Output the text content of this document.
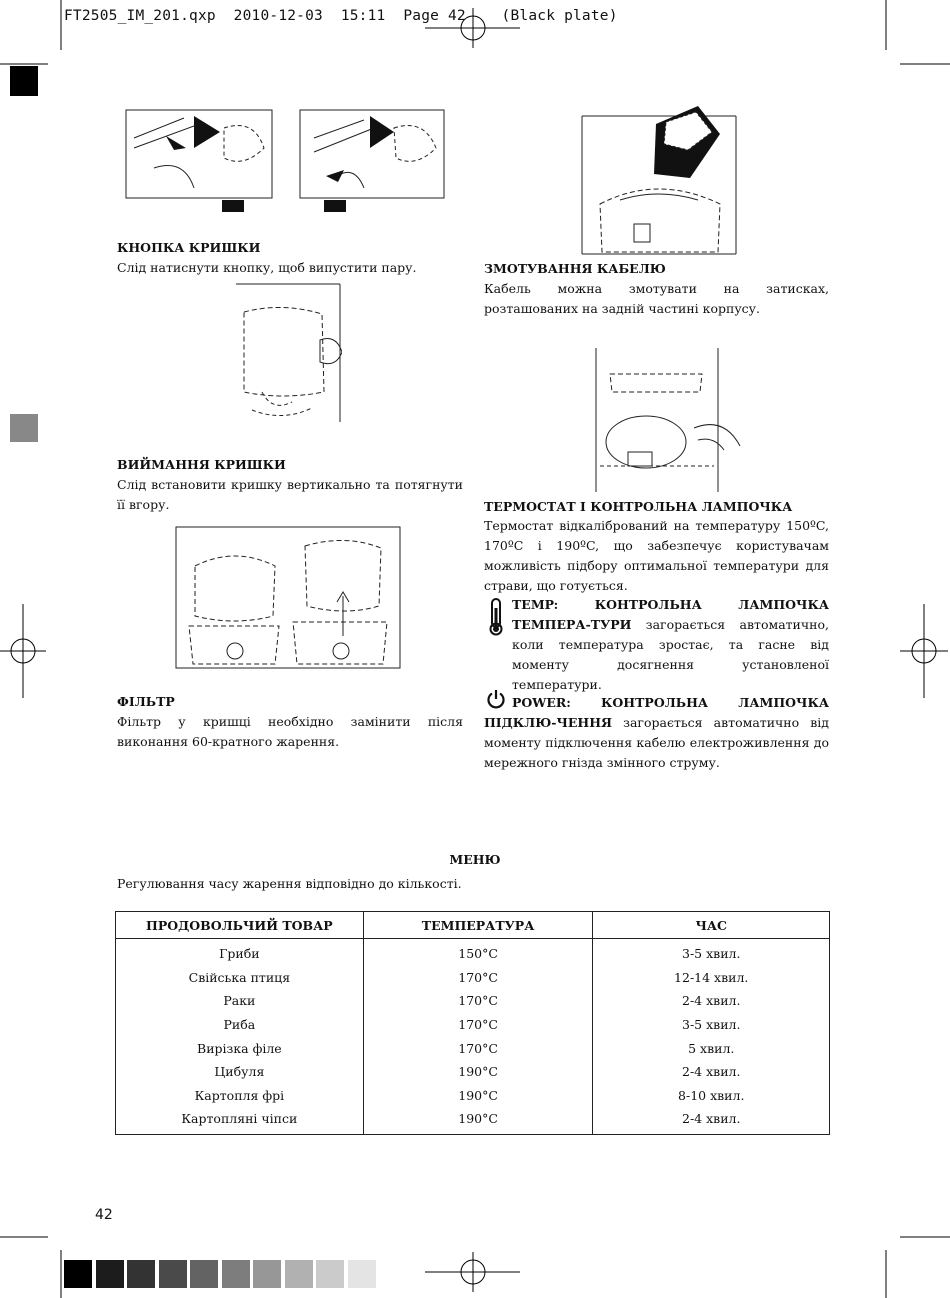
FT2505_IM_201.qxp  2010-12-03  15:11  Page 42    (Black plate)
КНОПКА КРИШКИ
Слід натиснути кнопку, щоб випустити пару.
ВИЙМАННЯ КРИШКИ
Слід встановити кришку вертикально та потягнути її вгору.
ФІЛЬТР
Фільтр у кришці необхідно замінити після виконання 60-кратного жарення.
ЗМОТУВАННЯ КАБЕЛЮ
Кабель можна змотувати на затисках, розташованих на задній частині корпусу.
ТЕРМОСТАТ І КОНТРОЛЬНА ЛАМПОЧКА
Термостат відкалібрований на температуру 150ºC, 170ºC і 190ºC, що забезпечує користувачам можливість підбору оптимальної температури для страви, що готується.
TEMP: КОНТРОЛЬНА ЛАМПОЧКА ТЕМПЕРА-ТУРИ загорається автоматично, коли температура зростає, та гасне від моменту досягнення установленої температури.
POWER: КОНТРОЛЬНА ЛАМПОЧКА ПІДКЛЮ-ЧЕННЯ загорається автоматично від моменту підключення кабелю електроживлення до мережного гнізда змінного струму.
МЕНЮ
Регулювання часу жарення відповідно до кількості.
ПРОДОВОЛЬЧИЙ ТОВАР	ТЕМПЕРАТУРА	ЧАС
Гриби	150°C	3-5 хвил.
Свійська птиця	170°C	12-14 хвил.
Раки	170°C	2-4 хвил.
Риба	170°C	3-5 хвил.
Вирізка філе	170°C	5 хвил.
Цибуля	190°C	2-4 хвил.
Картопля фрі	190°C	8-10 хвил.
Картопляні чіпси	190°C	2-4 хвил.
42
